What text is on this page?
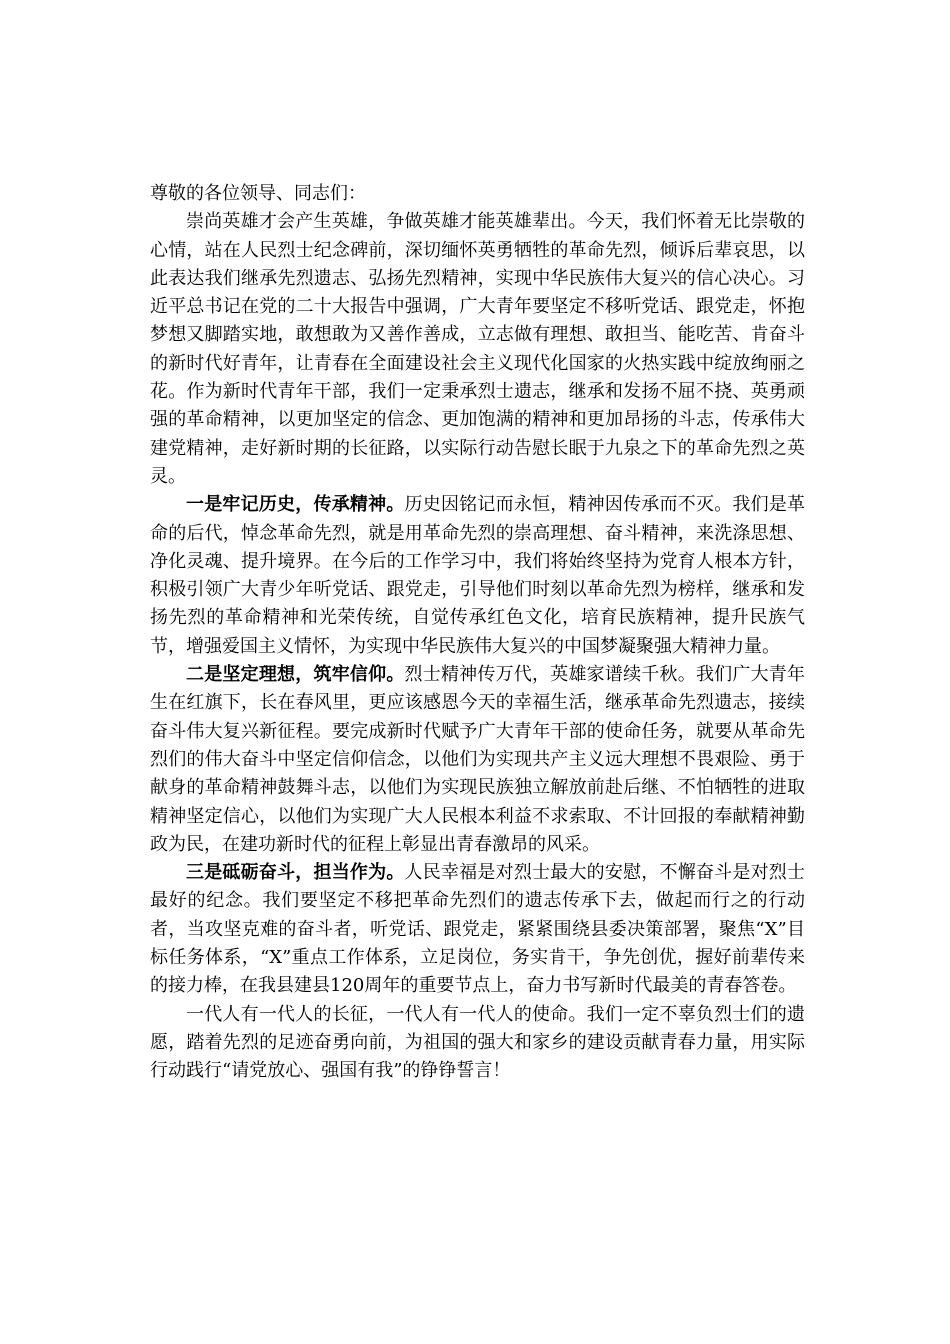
尊敬的各位领导、同志们：

崇尚英雄才会产生英雄，争做英雄才能英雄辈出。今天，我们怀着无比崇敬的心情，站在人民烈士纪念碑前，深切缅怀英勇牺牲的革命先烈，倾诉后辈哀思，以此表达我们继承先烈遗志、弘扬先烈精神，实现中华民族伟大复兴的信心决心。习近平总书记在党的二十大报告中强调，广大青年要坚定不移听党话、跟党走，怀抱梦想又脚踏实地，敢想敢为又善作善成，立志做有理想、敢担当、能吃苦、肯奋斗的新时代好青年，让青春在全面建设社会主义现代化国家的火热实践中绽放绚丽之花。作为新时代青年干部，我们一定秉承烈士遗志，继承和发扬不屈不挠、英勇顽强的革命精神，以更加坚定的信念、更加饱满的精神和更加昂扬的斗志，传承伟大建党精神，走好新时期的长征路，以实际行动告慰长眠于九泉之下的革命先烈之英灵。

一是牢记历史，传承精神。历史因铭记而永恒，精神因传承而不灭。我们是革命的后代，悼念革命先烈，就是用革命先烈的崇高理想、奋斗精神，来洗涤思想、净化灵魂、提升境界。在今后的工作学习中，我们将始终坚持为党育人根本方针，积极引领广大青少年听党话、跟党走，引导他们时刻以革命先烈为榜样，继承和发扬先烈的革命精神和光荣传统，自觉传承红色文化，培育民族精神，提升民族气节，增强爱国主义情怀，为实现中华民族伟大复兴的中国梦凝聚强大精神力量。

二是坚定理想，筑牢信仰。烈士精神传万代，英雄家谱续千秋。我们广大青年生在红旗下，长在春风里，更应该感恩今天的幸福生活，继承革命先烈遗志，接续奋斗伟大复兴新征程。要完成新时代赋予广大青年干部的使命任务，就要从革命先烈们的伟大奋斗中坚定信仰信念，以他们为实现共产主义远大理想不畏艰险、勇于献身的革命精神鼓舞斗志，以他们为实现民族独立解放前赴后继、不怕牺牲的进取精神坚定信心，以他们为实现广大人民根本利益不求索取、不计回报的奉献精神勤政为民，在建功新时代的征程上彰显出青春激昂的风采。

三是砥砺奋斗，担当作为。人民幸福是对烈士最大的安慰，不懈奋斗是对烈士最好的纪念。我们要坚定不移把革命先烈们的遗志传承下去，做起而行之的行动者，当攻坚克难的奋斗者，听党话、跟党走，紧紧围绕县委决策部署，聚焦“X”目标任务体系，“X”重点工作体系，立足岗位，务实肯干，争先创优，握好前辈传来的接力棒，在我县建县120周年的重要节点上，奋力书写新时代最美的青春答卷。

一代人有一代人的长征，一代人有一代人的使命。我们一定不辜负烈士们的遗愿，踏着先烈的足迹奋勇向前，为祖国的强大和家乡的建设贡献青春力量，用实际行动践行“请党放心、强国有我”的铮铮誓言！
